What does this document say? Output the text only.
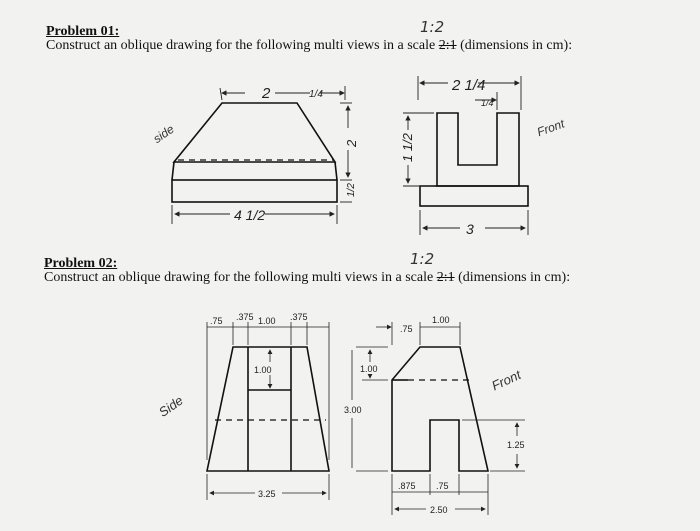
Problem 01:	1:2
Construct an oblique drawing for the following multi views in a scale 2:1 (dimensions in cm):
Problem 02:	1:2
Construct an oblique drawing for the following multi views in a scale 2:1 (dimensions in cm):
2	1/4
2
1/2
4 1/2
side
2 1/4
1/4
1 1/2
3
Front
.75 .375 1.00 .375
1.00
3.25
Side
.75
1.00
1.00
3.00
1.25
.875 .75
2.50
Front
